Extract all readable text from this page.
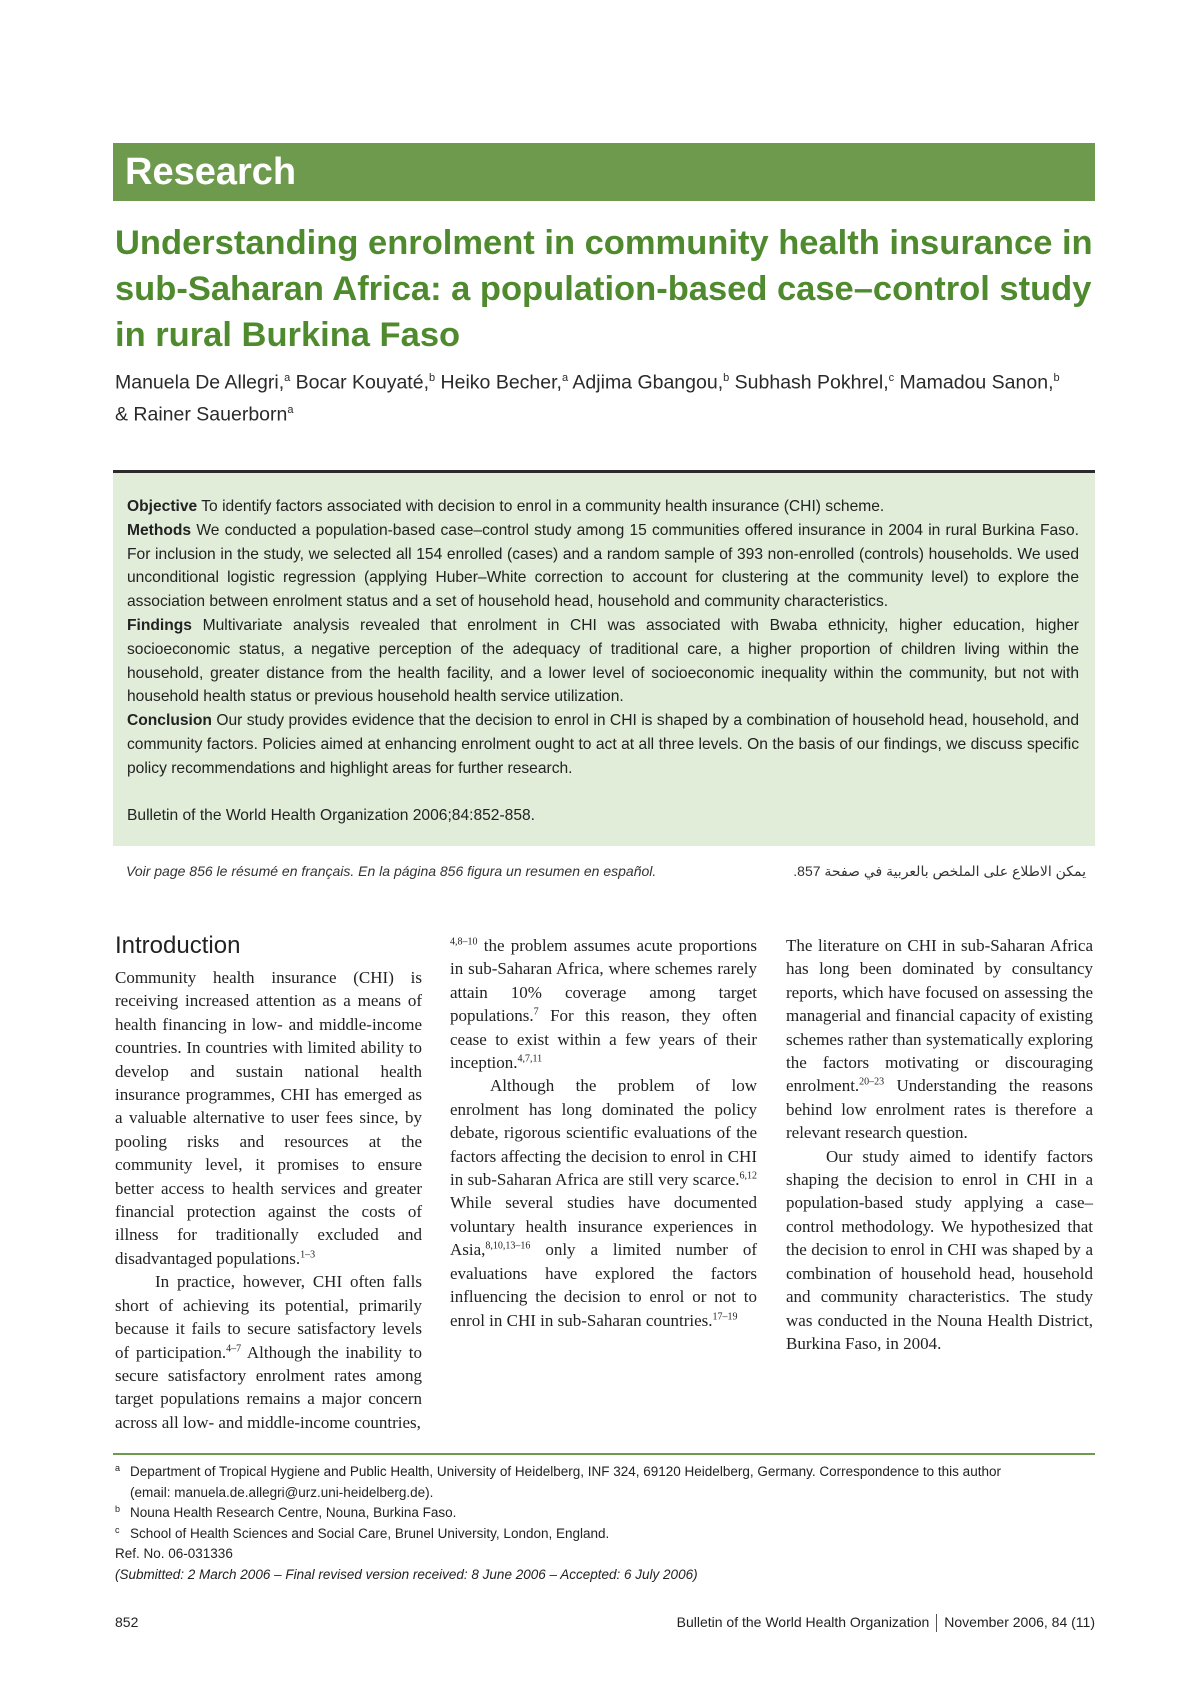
Research
Understanding enrolment in community health insurance in sub-Saharan Africa: a population-based case–control study in rural Burkina Faso
Manuela De Allegri,$^a$ Bocar Kouyaté,$^b$ Heiko Becher,$^a$ Adjima Gbangou,$^b$ Subhash Pokhrel,$^c$ Mamadou Sanon,$^b$
& Rainer Sauerborn$^a$

Objective To identify factors associated with decision to enrol in a community health insurance (CHI) scheme.

Methods We conducted a population-based case–control study among 15 communities offered insurance in 2004 in rural Burkina Faso. For inclusion in the study, we selected all 154 enrolled (cases) and a random sample of 393 non-enrolled (controls) households. We used unconditional logistic regression (applying Huber–White correction to account for clustering at the community level) to explore the association between enrolment status and a set of household head, household and community characteristics.

Findings Multivariate analysis revealed that enrolment in CHI was associated with Bwaba ethnicity, higher education, higher socioeconomic status, a negative perception of the adequacy of traditional care, a higher proportion of children living within the household, greater distance from the health facility, and a lower level of socioeconomic inequality within the community, but not with household health status or previous household health service utilization.

Conclusion Our study provides evidence that the decision to enrol in CHI is shaped by a combination of household head, household, and community factors. Policies aimed at enhancing enrolment ought to act at all three levels. On the basis of our findings, we discuss specific policy recommendations and highlight areas for further research.

Bulletin of the World Health Organization 2006;84:852-858.
Voir page 856 le résumé en français. En la página 856 figura un resumen en español.	يمكن الاطلاع على الملخص بالعربية في صفحة 857.
Introduction

Community health insurance (CHI) is receiving increased attention as a means of health financing in low- and middle-income countries. In countries with limited ability to develop and sustain national health insurance programmes, CHI has emerged as a valuable alternative to user fees since, by pooling risks and resources at the community level, it promises to ensure better access to health services and greater financial protection against the costs of illness for traditionally excluded and disadvantaged populations.$^{1-3}$

In practice, however, CHI often falls short of achieving its potential, primarily because it fails to secure satisfactory levels of participation.$^{4-7}$ Although the inability to secure satisfactory enrolment rates among target populations remains a major concern across all low- and middle-income countries,

$^{4,8-10}$ the problem assumes acute proportions in sub-Saharan Africa, where schemes rarely attain 10% coverage among target populations.$^7$ For this reason, they often cease to exist within a few years of their inception.$^{4,7,11}$

Although the problem of low enrolment has long dominated the policy debate, rigorous scientific evaluations of the factors affecting the decision to enrol in CHI in sub-Saharan Africa are still very scarce.$^{6,12}$ While several studies have documented voluntary health insurance experiences in Asia,$^{8,10,13-16}$ only a limited number of evaluations have explored the factors influencing the decision to enrol or not to enrol in CHI in sub-Saharan countries.$^{17-19}$

The literature on CHI in sub-Saharan Africa has long been dominated by consultancy reports, which have focused on assessing the managerial and financial capacity of existing schemes rather than systematically exploring the factors motivating or discouraging enrolment.$^{20-23}$ Understanding the reasons behind low enrolment rates is therefore a relevant research question.

Our study aimed to identify factors shaping the decision to enrol in CHI in a population-based study applying a case–control methodology. We hypothesized that the decision to enrol in CHI was shaped by a combination of household head, household and community characteristics. The study was conducted in the Nouna Health District, Burkina Faso, in 2004.

a Department of Tropical Hygiene and Public Health, University of Heidelberg, INF 324, 69120 Heidelberg, Germany. Correspondence to this author
(email: manuela.de.allegri@urz.uni-heidelberg.de).
b Nouna Health Research Centre, Nouna, Burkina Faso.
c School of Health Sciences and Social Care, Brunel University, London, England.
Ref. No. 06-031336
(Submitted: 2 March 2006 – Final revised version received: 8 June 2006 – Accepted: 6 July 2006)
852	Bulletin of the World Health Organization November 2006, 84 (11)
